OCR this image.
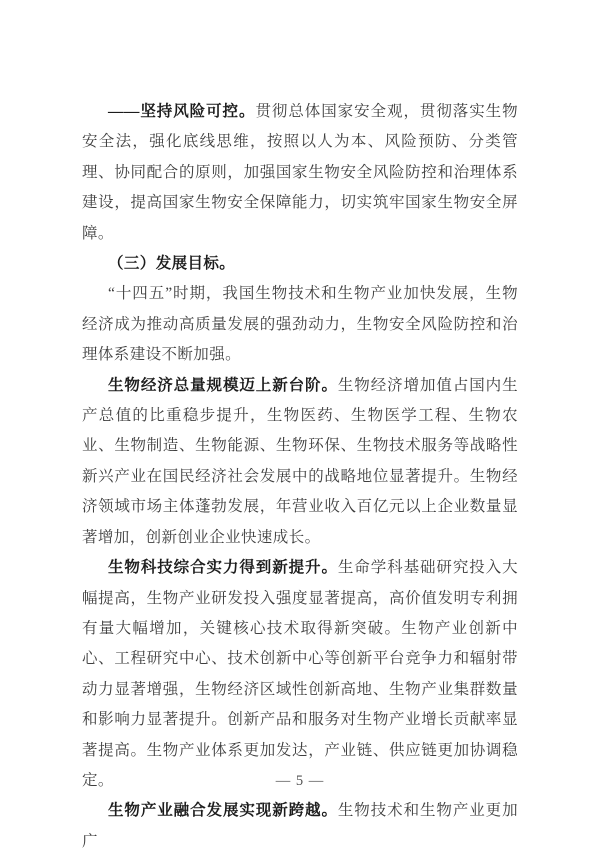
——坚持风险可控。贯彻总体国家安全观，贯彻落实生物安全法，强化底线思维，按照以人为本、风险预防、分类管理、协同配合的原则，加强国家生物安全风险防控和治理体系建设，提高国家生物安全保障能力，切实筑牢国家生物安全屏障。

（三）发展目标。

“十四五”时期，我国生物技术和生物产业加快发展，生物经济成为推动高质量发展的强劲动力，生物安全风险防控和治理体系建设不断加强。

生物经济总量规模迈上新台阶。生物经济增加值占国内生产总值的比重稳步提升，生物医药、生物医学工程、生物农业、生物制造、生物能源、生物环保、生物技术服务等战略性新兴产业在国民经济社会发展中的战略地位显著提升。生物经济领域市场主体蓬勃发展，年营业收入百亿元以上企业数量显著增加，创新创业企业快速成长。

生物科技综合实力得到新提升。生命学科基础研究投入大幅提高，生物产业研发投入强度显著提高，高价值发明专利拥有量大幅增加，关键核心技术取得新突破。生物产业创新中心、工程研究中心、技术创新中心等创新平台竞争力和辐射带动力显著增强，生物经济区域性创新高地、生物产业集群数量和影响力显著提升。创新产品和服务对生物产业增长贡献率显著提高。生物产业体系更加发达，产业链、供应链更加协调稳定。

生物产业融合发展实现新跨越。生物技术和生物产业更加广

— 5 —
